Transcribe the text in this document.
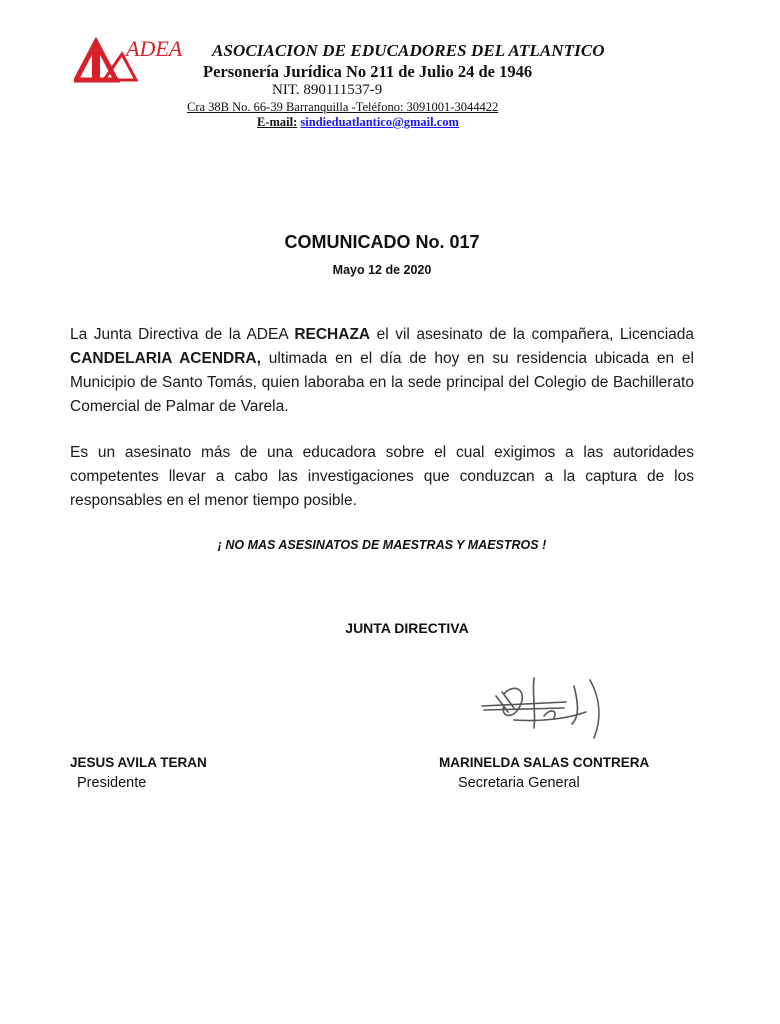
ADEA ASOCIACION DE EDUCADORES DEL ATLANTICO
Personería Jurídica No 211 de Julio 24 de 1946
NIT. 890111537-9
Cra 38B No. 66-39 Barranquilla -Teléfono: 3091001-3044422
E-mail: sindieduatlantico@gmail.com
COMUNICADO No. 017
Mayo 12 de 2020
La Junta Directiva de la ADEA RECHAZA el vil asesinato de la compañera, Licenciada CANDELARIA ACENDRA, ultimada en el día de hoy en su residencia ubicada en el Municipio de Santo Tomás, quien laboraba en la sede principal del Colegio de Bachillerato Comercial de Palmar de Varela.
Es un asesinato más de una educadora sobre el cual exigimos a las autoridades competentes llevar a cabo las investigaciones que conduzcan a la captura de los responsables en el menor tiempo posible.
¡ NO MAS ASESINATOS DE MAESTRAS Y MAESTROS !
JUNTA DIRECTIVA
JESUS AVILA TERAN
Presidente
MARINELDA SALAS CONTRERA
Secretaria General
